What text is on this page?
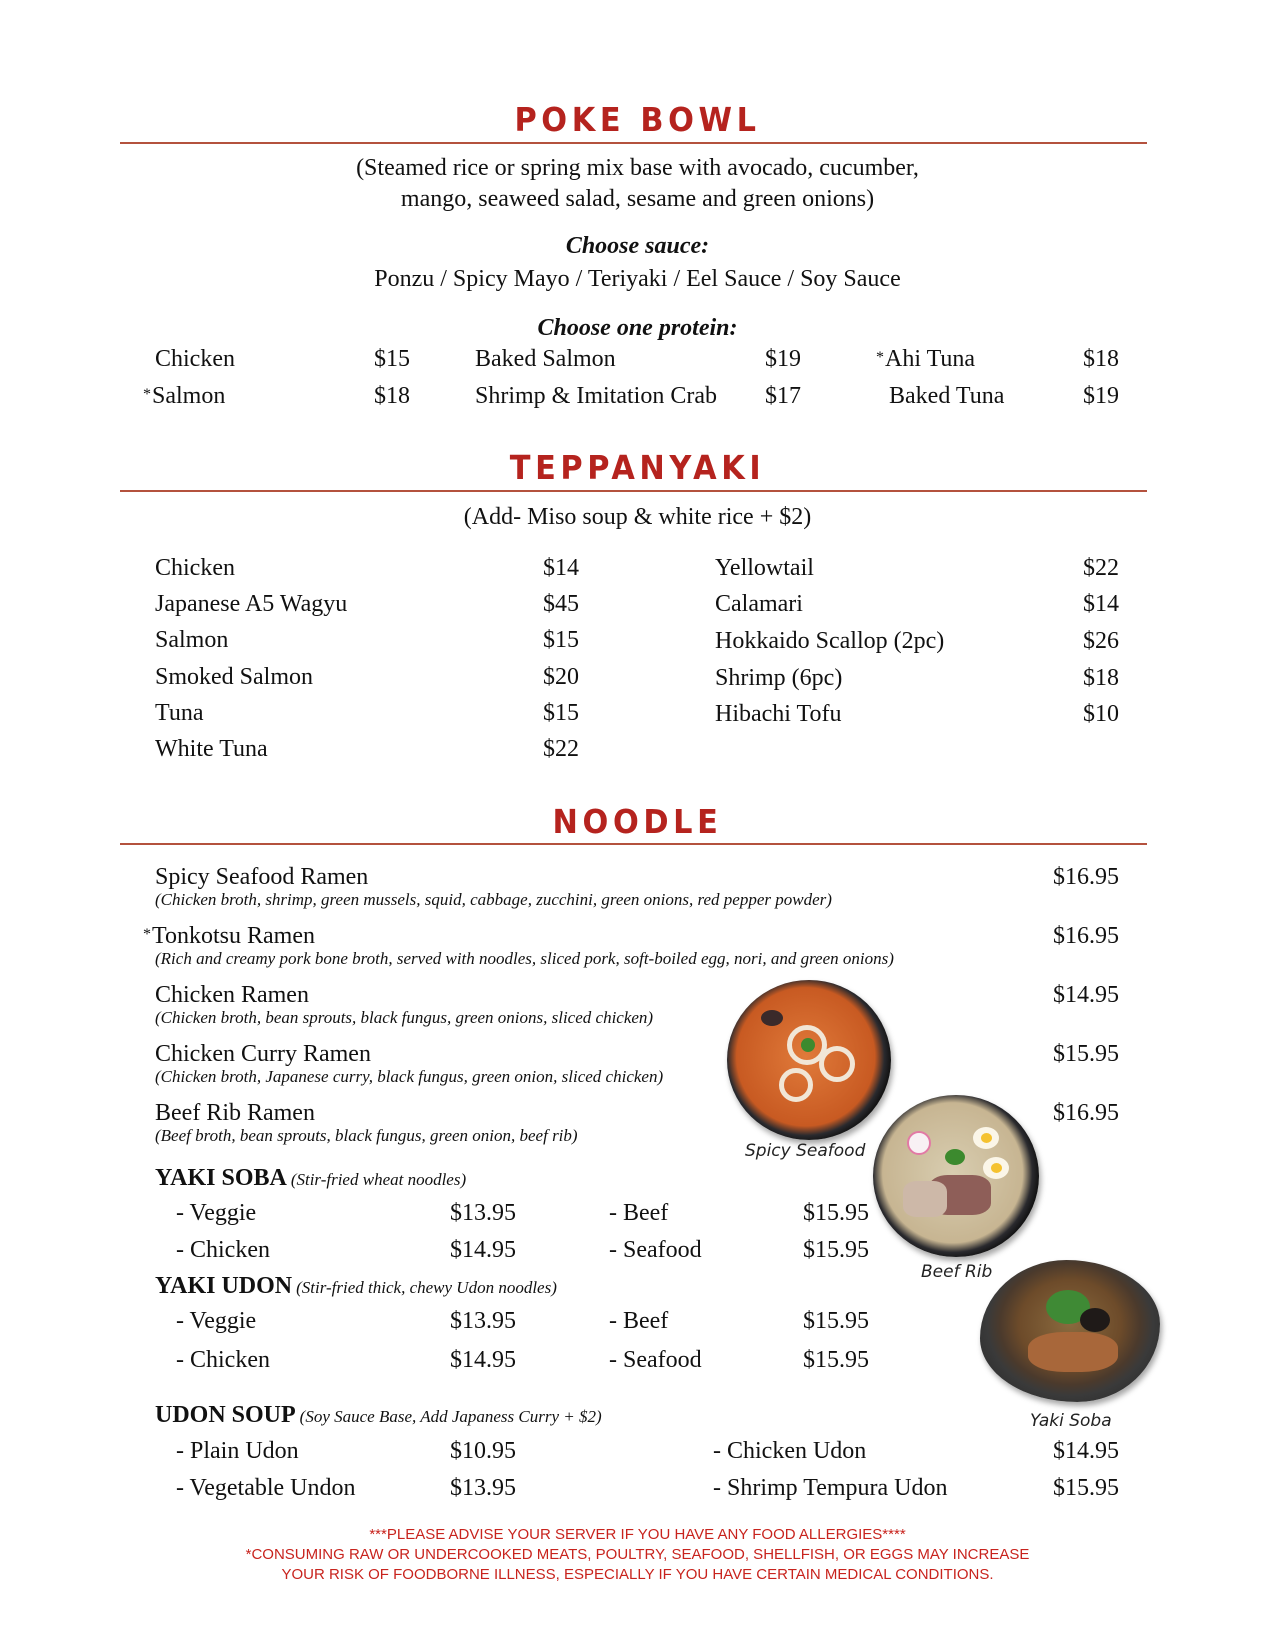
POKE BOWL
(Steamed rice or spring mix base with avocado, cucumber,
mango, seaweed salad, sesame and green onions)
Choose sauce:
Ponzu / Spicy Mayo / Teriyaki / Eel Sauce / Soy Sauce
Choose one protein:
Chicken	$15
*Salmon	$18
Baked Salmon	$19
Shrimp & Imitation Crab $17
*Ahi Tuna	$18
Baked Tuna	$19
TEPPANYAKI
(Add- Miso soup & white rice + $2)
Chicken	$14
Japanese A5 Wagyu	$45
Salmon	$15
Smoked Salmon	$20
Tuna	$15
White Tuna	$22
Yellowtail	$22
Calamari	$14
Hokkaido Scallop (2pc)	$26
Shrimp (6pc)	$18
Hibachi Tofu	$10
NOODLE
Spicy Seafood Ramen
(Chicken broth, shrimp, green mussels, squid, cabbage, zucchini, green onions, red pepper powder)
$16.95
*Tonkotsu Ramen
(Rich and creamy pork bone broth, served with noodles, sliced pork, soft-boiled egg, nori, and green onions)
$16.95
Chicken Ramen
(Chicken broth, bean sprouts, black fungus, green onions, sliced chicken)
$14.95
Chicken Curry Ramen
(Chicken broth, Japanese curry, black fungus, green onion, sliced chicken)
$15.95
Beef Rib Ramen
(Beef broth, bean sprouts, black fungus, green onion, beef rib)
$16.95
YAKI SOBA (Stir-fried wheat noodles)
- Veggie	$13.95
- Chicken	$14.95
- Beef	$15.95
- Seafood	$15.95
YAKI UDON (Stir-fried thick, chewy Udon noodles)
- Veggie	$13.95
- Chicken	$14.95
- Beef	$15.95
- Seafood	$15.95
UDON SOUP (Soy Sauce Base, Add Japaness Curry + $2)
- Plain Udon	$10.95
- Vegetable Undon	$13.95
- Chicken Udon	$14.95
- Shrimp Tempura Udon	$15.95
Spicy Seafood
Beef Rib
Yaki Soba
***PLEASE ADVISE YOUR SERVER IF YOU HAVE ANY FOOD ALLERGIES****
*CONSUMING RAW OR UNDERCOOKED MEATS, POULTRY, SEAFOOD, SHELLFISH, OR EGGS MAY INCREASE
YOUR RISK OF FOODBORNE ILLNESS, ESPECIALLY IF YOU HAVE CERTAIN MEDICAL CONDITIONS.
